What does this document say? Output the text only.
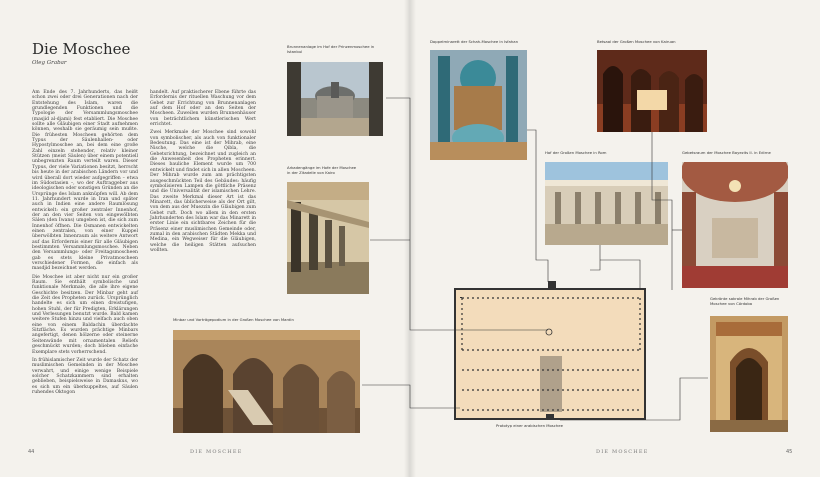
Die Moschee
Oleg Grabar

Am Ende des 7. Jahrhunderts, das heißt schon zwei oder drei Generationen nach der Entstehung des Islam, waren die grundlegenden Funktionen und die Typologie der Versammlungsmoschee (masjid al-djami) fest etabliert. Die Moschee sollte alle Gläubigen einer Stadt aufnehmen können, weshalb sie geräumig sein mußte. Die frühesten Moscheen gehörten dem Typus der Säulenhallen- oder Hypostylmoschee an, bei dem eine große Zahl einzeln stehender, relativ kleiner Stützen (meist Säulen) über einem potentiell unbegrenzten Raum verteilt waren. Dieser Typus, der viele Variationen besitzt, herrscht bis heute in der arabischen Ländern vor und wird überall dort wieder aufgegriffen – etwa im Südostasien –, wo der Auftraggeber aus ideologischen oder sonstigen Gründen an die Ursprünge des Islam anknüpfen will. Ab dem 11. Jahrhundert wurde in Iran und später auch in Indien eine andere Raumlösung entwickelt: ein großer zentraler Innenhof, der an den vier Seiten von eingewölbten Sälen (den Iwans) umgeben ist, die sich zum Innenhof öffnen. Die Osmanen entwickelten einen zentralen, von einer Kuppel überwölbten Innenraum als weitere Antwort auf das Erfordernis einer für alle Gläubigen bestimmten Versammlungsmoschee. Neben den Versammlungs- oder Freitagsmoscheen gab es stets kleine Privatmoscheen verschiedener Formen, die einfach als masdjid bezeichnet werden.

Die Moschee ist aber nicht nur ein großer Raum. Sie enthält symbolische und funktionale Merkmale, die alle ihre eigene Geschichte besitzen. Der Minbar geht auf die Zeit des Propheten zurück. Ursprünglich handelte es sich um einen dreistufigen, hohen Stuhl, der für Predigten, Erklärungen und Verlesungen benutzt wurde. Bald kamen weitere Stufen hinzu und vielfach auch oben eine von einem Baldachin überdachte Sitzfläche. Es wurden prächtige Minbars angefertigt, denen hölzerne oder steinerne Seitenwände mit ornamentalen Reliefs geschmückt wurden; doch blieben einfache Exemplare stets vorherrschend.

In frühislamischer Zeit wurde der Schatz der muslimischen Gemeinden in der Moschee verwahrt, und einige wenige Beispiele solcher Schatzkammern sind erhalten geblieben, beispielsweise in Damaskus, wo es sich um ein überkuppeltes, auf Säulen ruhendes Oktogon

handelt. Auf praktischerer Ebene führte das Erfordernis der rituellen Waschung vor dem Gebet zur Errichtung von Brunnenanlagen auf dem Hof oder an den Seiten der Moscheen. Zuweilen wurden Brunnenhäuser von beträchtlichem künstlerischen Wert errichtet.

Zwei Merkmale der Moschee sind sowohl von symbolischer, als auch von funktionaler Bedeutung. Das eine ist der Mihrab, eine Nische, welche die Qibla, die Gebetsrichtung, bezeichnet und zugleich an die Anwesenheit des Propheten erinnert. Dieses bauliche Element wurde um 700 entwickelt und findet sich in allen Moscheen. Der Mihrab wurde zum am prächtigsten ausgeschmückten Teil des Gebäudes: häufig symbolisieren Lampen die göttliche Präsenz und die Universalität der islamischen Lehre. Das zweite Merkmal dieser Art ist das Minarett, das üblicherweise als der Ort gilt, von dem aus der Muezzin die Gläubigen zum Gebet ruft. Doch wo allem in den ersten Jahrhunderten des Islam war das Minarett in erster Linie ein sichtbares Zeichen für die Präsenz einer muslimischen Gemeinde oder, zumal in den arabischen Städten Mekka und Medina, ein Wegweiser für die Gläubigen, welche die heiligen Stätten aufsuchen wollten.

Brunnenanlage im Hof der Prinzenmoschee in Istanbul
Arkadengänge im Hofe der Moschee in der Zitadelle von Kairo
Minbar und Vorträgepodium in der Großen Moschee von Mardin
Doppelminarett der Schah-Moschee in Isfahan
Hof der Großen Moschee in Rom
Betsaal der Großen Moschee von Kairuan
Gebetsraum der Moschee Bayezits II. in Edirne
Gekrönte sakrale Mihrab der Großen Moschee von Córdoba
Prototyp einer arabischen Moschee
44	DIE MOSCHEE	DIE MOSCHEE	45
